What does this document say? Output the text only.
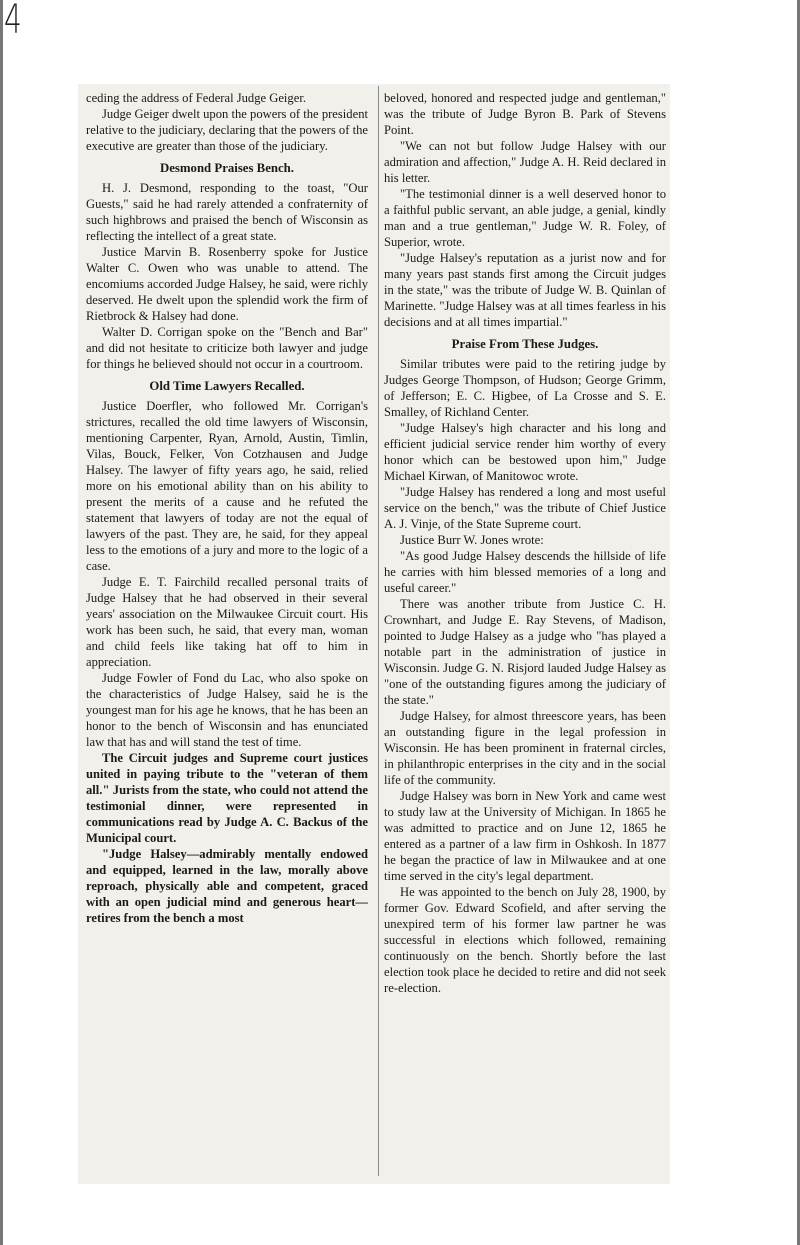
4

ceding the address of Federal Judge Geiger.

Judge Geiger dwelt upon the powers of the president relative to the judiciary, declaring that the powers of the executive are greater than those of the judiciary.

Desmond Praises Bench.

H. J. Desmond, responding to the toast, "Our Guests," said he had rarely attended a confraternity of such highbrows and praised the bench of Wisconsin as reflecting the intellect of a great state.

Justice Marvin B. Rosenberry spoke for Justice Walter C. Owen who was unable to attend. The encomiums accorded Judge Halsey, he said, were richly deserved. He dwelt upon the splendid work the firm of Rietbrock & Halsey had done.

Walter D. Corrigan spoke on the "Bench and Bar" and did not hesitate to criticize both lawyer and judge for things he believed should not occur in a courtroom.

Old Time Lawyers Recalled.

Justice Doerfler, who followed Mr. Corrigan's strictures, recalled the old time lawyers of Wisconsin, mentioning Carpenter, Ryan, Arnold, Austin, Timlin, Vilas, Bouck, Felker, Von Cotzhausen and Judge Halsey. The lawyer of fifty years ago, he said, relied more on his emotional ability than on his ability to present the merits of a cause and he refuted the statement that lawyers of today are not the equal of lawyers of the past. They are, he said, for they appeal less to the emotions of a jury and more to the logic of a case.

Judge E. T. Fairchild recalled personal traits of Judge Halsey that he had observed in their several years' association on the Milwaukee Circuit court. His work has been such, he said, that every man, woman and child feels like taking hat off to him in appreciation.

Judge Fowler of Fond du Lac, who also spoke on the characteristics of Judge Halsey, said he is the youngest man for his age he knows, that he has been an honor to the bench of Wisconsin and has enunciated law that has and will stand the test of time.

The Circuit judges and Supreme court justices united in paying tribute to the "veteran of them all." Jurists from the state, who could not attend the testimonial dinner, were represented in communications read by Judge A. C. Backus of the Municipal court.

"Judge Halsey—admirably mentally endowed and equipped, learned in the law, morally above reproach, physically able and competent, graced with an open judicial mind and generous heart—retires from the bench a most

beloved, honored and respected judge and gentleman," was the tribute of Judge Byron B. Park of Stevens Point.

"We can not but follow Judge Halsey with our admiration and affection," Judge A. H. Reid declared in his letter.

"The testimonial dinner is a well deserved honor to a faithful public servant, an able judge, a genial, kindly man and a true gentleman," Judge W. R. Foley, of Superior, wrote.

"Judge Halsey's reputation as a jurist now and for many years past stands first among the Circuit judges in the state," was the tribute of Judge W. B. Quinlan of Marinette. "Judge Halsey was at all times fearless in his decisions and at all times impartial."

Praise From These Judges.

Similar tributes were paid to the retiring judge by Judges George Thompson, of Hudson; George Grimm, of Jefferson; E. C. Higbee, of La Crosse and S. E. Smalley, of Richland Center.

"Judge Halsey's high character and his long and efficient judicial service render him worthy of every honor which can be bestowed upon him," Judge Michael Kirwan, of Manitowoc wrote.

"Judge Halsey has rendered a long and most useful service on the bench," was the tribute of Chief Justice A. J. Vinje, of the State Supreme court.

Justice Burr W. Jones wrote:

"As good Judge Halsey descends the hillside of life he carries with him blessed memories of a long and useful career."

There was another tribute from Justice C. H. Crownhart, and Judge E. Ray Stevens, of Madison, pointed to Judge Halsey as a judge who "has played a notable part in the administration of justice in Wisconsin. Judge G. N. Risjord lauded Judge Halsey as "one of the outstanding figures among the judiciary of the state."

Judge Halsey, for almost threescore years, has been an outstanding figure in the legal profession in Wisconsin. He has been prominent in fraternal circles, in philanthropic enterprises in the city and in the social life of the community.

Judge Halsey was born in New York and came west to study law at the University of Michigan. In 1865 he was admitted to practice and on June 12, 1865 he entered as a partner of a law firm in Oshkosh. In 1877 he began the practice of law in Milwaukee and at one time served in the city's legal department.

He was appointed to the bench on July 28, 1900, by former Gov. Edward Scofield, and after serving the unexpired term of his former law partner he was successful in elections which followed, remaining continuously on the bench. Shortly before the last election took place he decided to retire and did not seek re-election.
